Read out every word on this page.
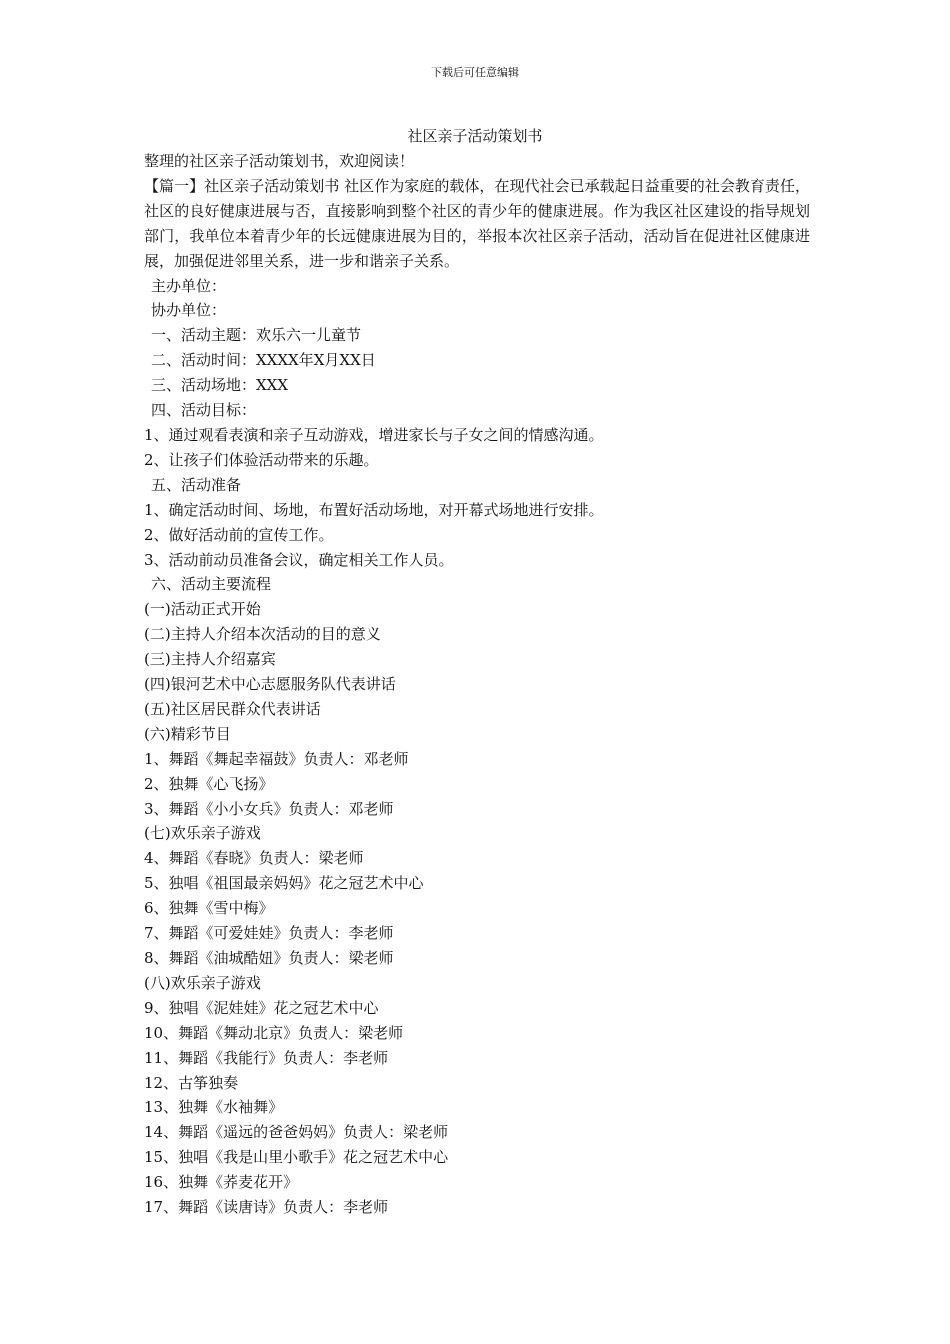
下载后可任意编辑
社区亲子活动策划书

整理的社区亲子活动策划书，欢迎阅读！

【篇一】社区亲子活动策划书 社区作为家庭的载体，在现代社会已承载起日益重要的社会教育责任，社区的良好健康进展与否，直接影响到整个社区的青少年的健康进展。作为我区社区建设的指导规划部门，我单位本着青少年的长远健康进展为目的，举报本次社区亲子活动，活动旨在促进社区健康进展，加强促进邻里关系，进一步和谐亲子关系。

主办单位：

协办单位：

一、活动主题：欢乐六一儿童节

二、活动时间：XXXX年X月XX日

三、活动场地：XXX

四、活动目标：

1、通过观看表演和亲子互动游戏，增进家长与子女之间的情感沟通。

2、让孩子们体验活动带来的乐趣。

五、活动准备

1、确定活动时间、场地，布置好活动场地，对开幕式场地进行安排。

2、做好活动前的宣传工作。

3、活动前动员准备会议，确定相关工作人员。

六、活动主要流程

(一)活动正式开始

(二)主持人介绍本次活动的目的意义

(三)主持人介绍嘉宾

(四)银河艺术中心志愿服务队代表讲话

(五)社区居民群众代表讲话

(六)精彩节目

1、舞蹈《舞起幸福鼓》负责人：邓老师

2、独舞《心飞扬》

3、舞蹈《小小女兵》负责人：邓老师

(七)欢乐亲子游戏

4、舞蹈《春晓》负责人：梁老师

5、独唱《祖国最亲妈妈》花之冠艺术中心

6、独舞《雪中梅》

7、舞蹈《可爱娃娃》负责人：李老师

8、舞蹈《油城酷妞》负责人：梁老师

(八)欢乐亲子游戏

9、独唱《泥娃娃》花之冠艺术中心

10、舞蹈《舞动北京》负责人：梁老师

11、舞蹈《我能行》负责人：李老师

12、古筝独奏

13、独舞《水袖舞》

14、舞蹈《遥远的爸爸妈妈》负责人：梁老师

15、独唱《我是山里小歌手》花之冠艺术中心

16、独舞《荞麦花开》

17、舞蹈《读唐诗》负责人：李老师
